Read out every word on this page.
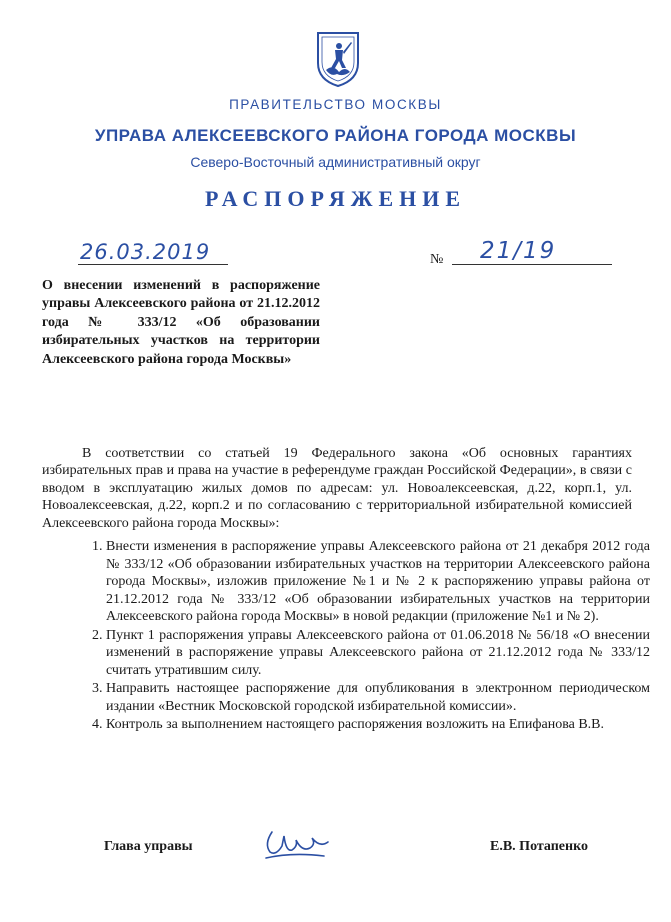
ПРАВИТЕЛЬСТВО МОСКВЫ
УПРАВА АЛЕКСЕЕВСКОГО РАЙОНА ГОРОДА МОСКВЫ
Северо-Восточный административный округ
РАСПОРЯЖЕНИЕ
26.03.2019	№ 21/19
О внесении изменений в распоряжение управы Алексеевского района от 21.12.2012 года № 333/12 «Об образовании избирательных участков на территории Алексеевского района города Москвы»
В соответствии со статьей 19 Федерального закона «Об основных гарантиях избирательных прав и права на участие в референдуме граждан Российской Федерации», в связи с вводом в эксплуатацию жилых домов по адресам: ул. Новоалексеевская, д.22, корп.1, ул. Новоалексеевская, д.22, корп.2 и по согласованию с территориальной избирательной комиссией Алексеевского района города Москвы»:
1. Внести изменения в распоряжение управы Алексеевского района от 21 декабря 2012 года № 333/12 «Об образовании избирательных участков на территории Алексеевского района города Москвы», изложив приложение №1 и № 2 к распоряжению управы района от 21.12.2012 года № 333/12 «Об образовании избирательных участков на территории Алексеевского района города Москвы» в новой редакции (приложение №1 и № 2).
2. Пункт 1 распоряжения управы Алексеевского района от 01.06.2018 № 56/18 «О внесении изменений в распоряжение управы Алексеевского района от 21.12.2012 года № 333/12 считать утратившим силу.
3. Направить настоящее распоряжение для опубликования в электронном периодическом издании «Вестник Московской городской избирательной комиссии».
4. Контроль за выполнением настоящего распоряжения возложить на Епифанова В.В.
Глава управы	Е.В. Потапенко
